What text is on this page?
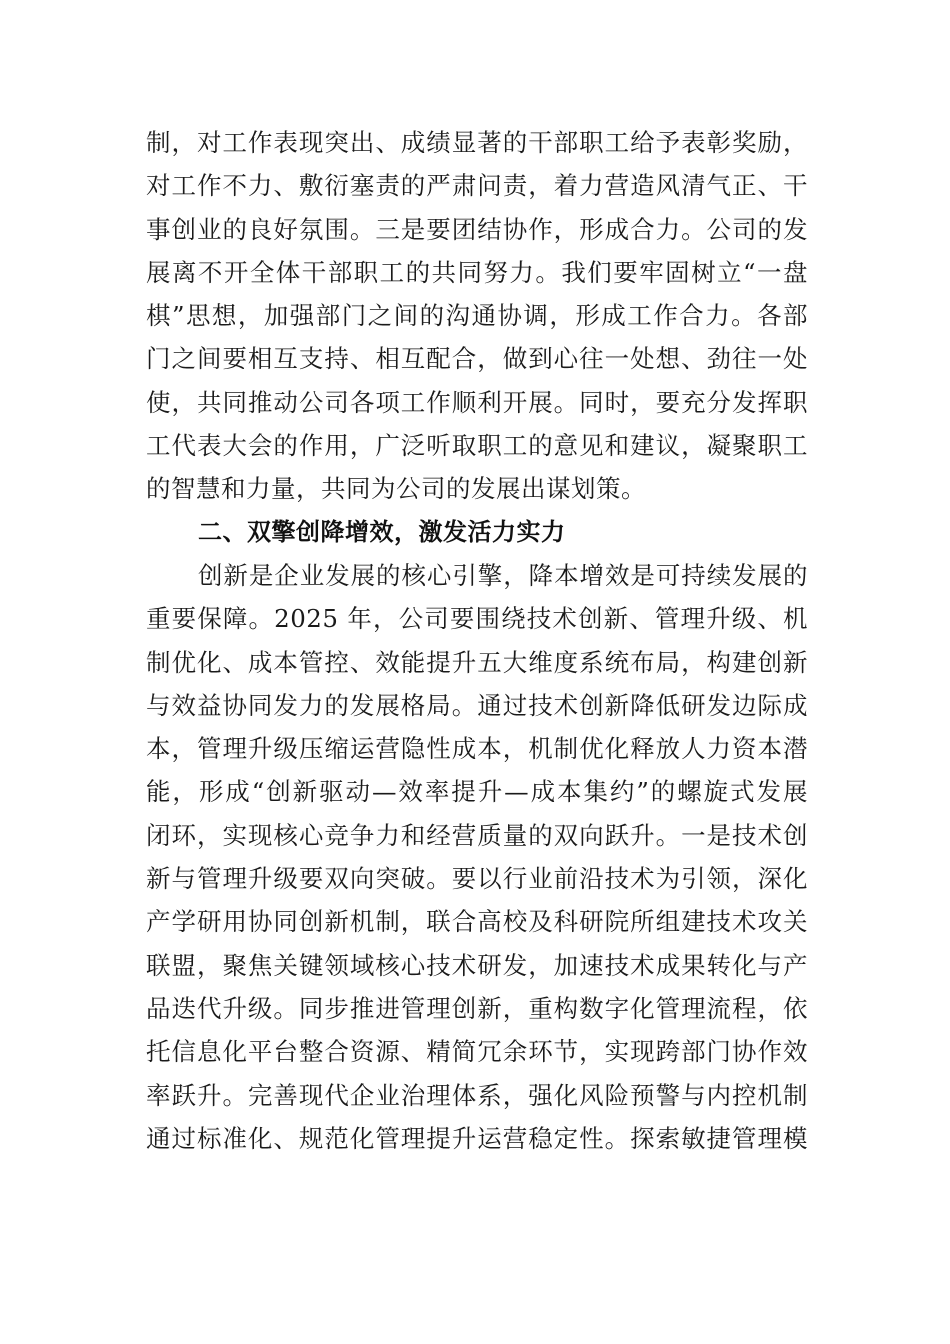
制，对工作表现突出、成绩显著的干部职工给予表彰奖励，
对工作不力、敷衍塞责的严肃问责，着力营造风清气正、干
事创业的良好氛围。三是要团结协作，形成合力。公司的发
展离不开全体干部职工的共同努力。我们要牢固树立“一盘
棋”思想，加强部门之间的沟通协调，形成工作合力。各部
门之间要相互支持、相互配合，做到心往一处想、劲往一处
使，共同推动公司各项工作顺利开展。同时，要充分发挥职
工代表大会的作用，广泛听取职工的意见和建议，凝聚职工
的智慧和力量，共同为公司的发展出谋划策。
二、双擎创降增效，激发活力实力
创新是企业发展的核心引擎，降本增效是可持续发展的
重要保障。2025 年，公司要围绕技术创新、管理升级、机
制优化、成本管控、效能提升五大维度系统布局，构建创新
与效益协同发力的发展格局。通过技术创新降低研发边际成
本，管理升级压缩运营隐性成本，机制优化释放人力资本潜
能，形成“创新驱动—效率提升—成本集约”的螺旋式发展
闭环，实现核心竞争力和经营质量的双向跃升。一是技术创
新与管理升级要双向突破。要以行业前沿技术为引领，深化
产学研用协同创新机制，联合高校及科研院所组建技术攻关
联盟，聚焦关键领域核心技术研发，加速技术成果转化与产
品迭代升级。同步推进管理创新，重构数字化管理流程，依
托信息化平台整合资源、精简冗余环节，实现跨部门协作效
率跃升。完善现代企业治理体系，强化风险预警与内控机制
通过标准化、规范化管理提升运营稳定性。探索敏捷管理模
